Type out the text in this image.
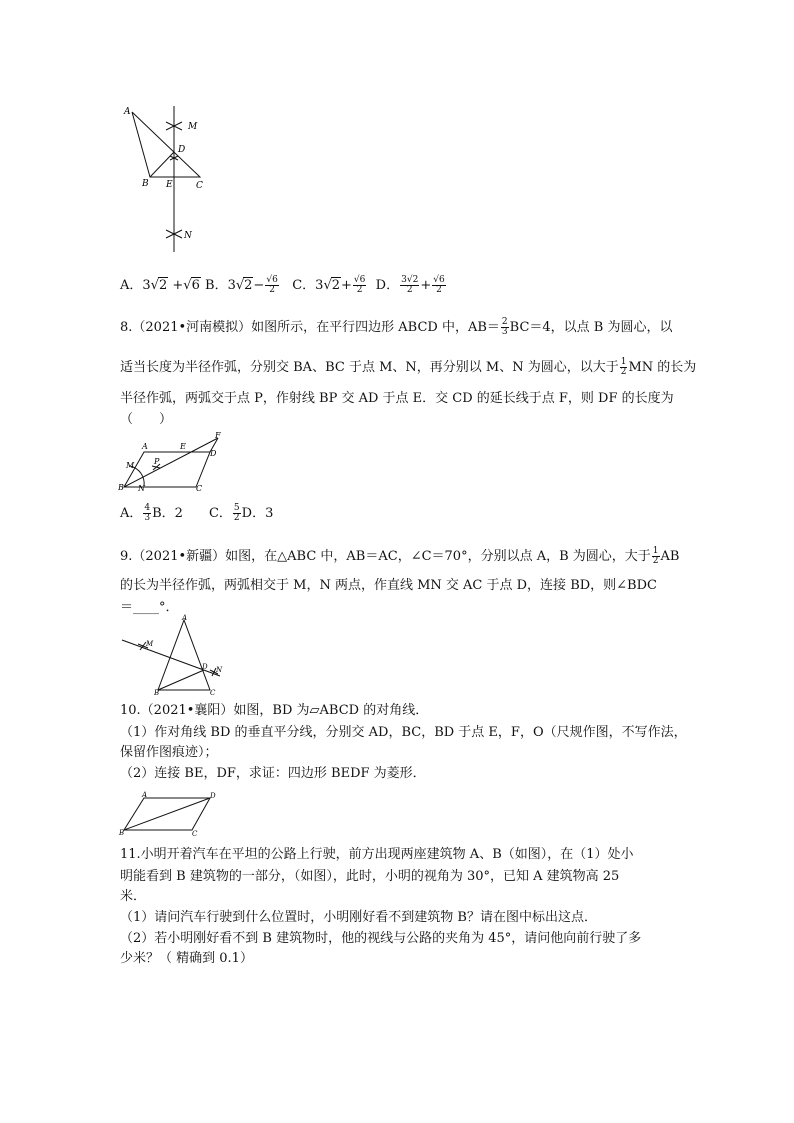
A
M
D
B E	C
N
A．3√2 +√6 B．$3√2- \frac{√6}{2}$ C．$3√2+ \frac{√6}{2}$ D． $\frac{3√2}{2} + \frac{√6}{2}$
8.（2021•河南模拟）如图所示，在平行四边形 ABCD 中，$AB= \frac{2}{3} BC=4$，以点 B 为圆心，以
适当长度为半径作弧，分别交 BA、BC 于点 M、N，再分别以 M、N 为圆心，以大于 $\frac{1}{2}$ MN 的长为
半径作弧，两弧交于点 P，作射线 BP 交 AD 于点 E．交 CD 的延长线于点 F，则 DF 的长度为
（　　）
A	E
F
D
M P
B N	C
A． $\frac{4}{3}$ B．2　　C． $\frac{5}{2}$ D．3
9.（2021•新疆）如图，在△ABC 中，AB＝AC，∠C＝70°，分别以点 A，B 为圆心，大于 $\frac{1}{2}$ AB
的长为半径作弧，两弧相交于 M，N 两点，作直线 MN 交 AC 于点 D，连接 BD，则∠BDC
＝____°．
A
M
D N
B	C
10.（2021•襄阳）如图，BD 为▱ABCD 的对角线．
（1）作对角线 BD 的垂直平分线，分别交 AD，BC，BD 于点 E，F，O（尺规作图，不写作法，
保留作图痕迹）；
（2）连接 BE，DF，求证：四边形 BEDF 为菱形．
A	D
B	C
11.小明开着汽车在平坦的公路上行驶，前方出现两座建筑物 A、B（如图），在（1）处小
明能看到 B 建筑物的一部分，（如图），此时，小明的视角为 30°，已知 A 建筑物高 25
米．
（1）请问汽车行驶到什么位置时，小明刚好看不到建筑物 B？请在图中标出这点．
（2）若小明刚好看不到 B 建筑物时，他的视线与公路的夹角为 45°，请问他向前行驶了多
少米？（ 精确到 0.1）
